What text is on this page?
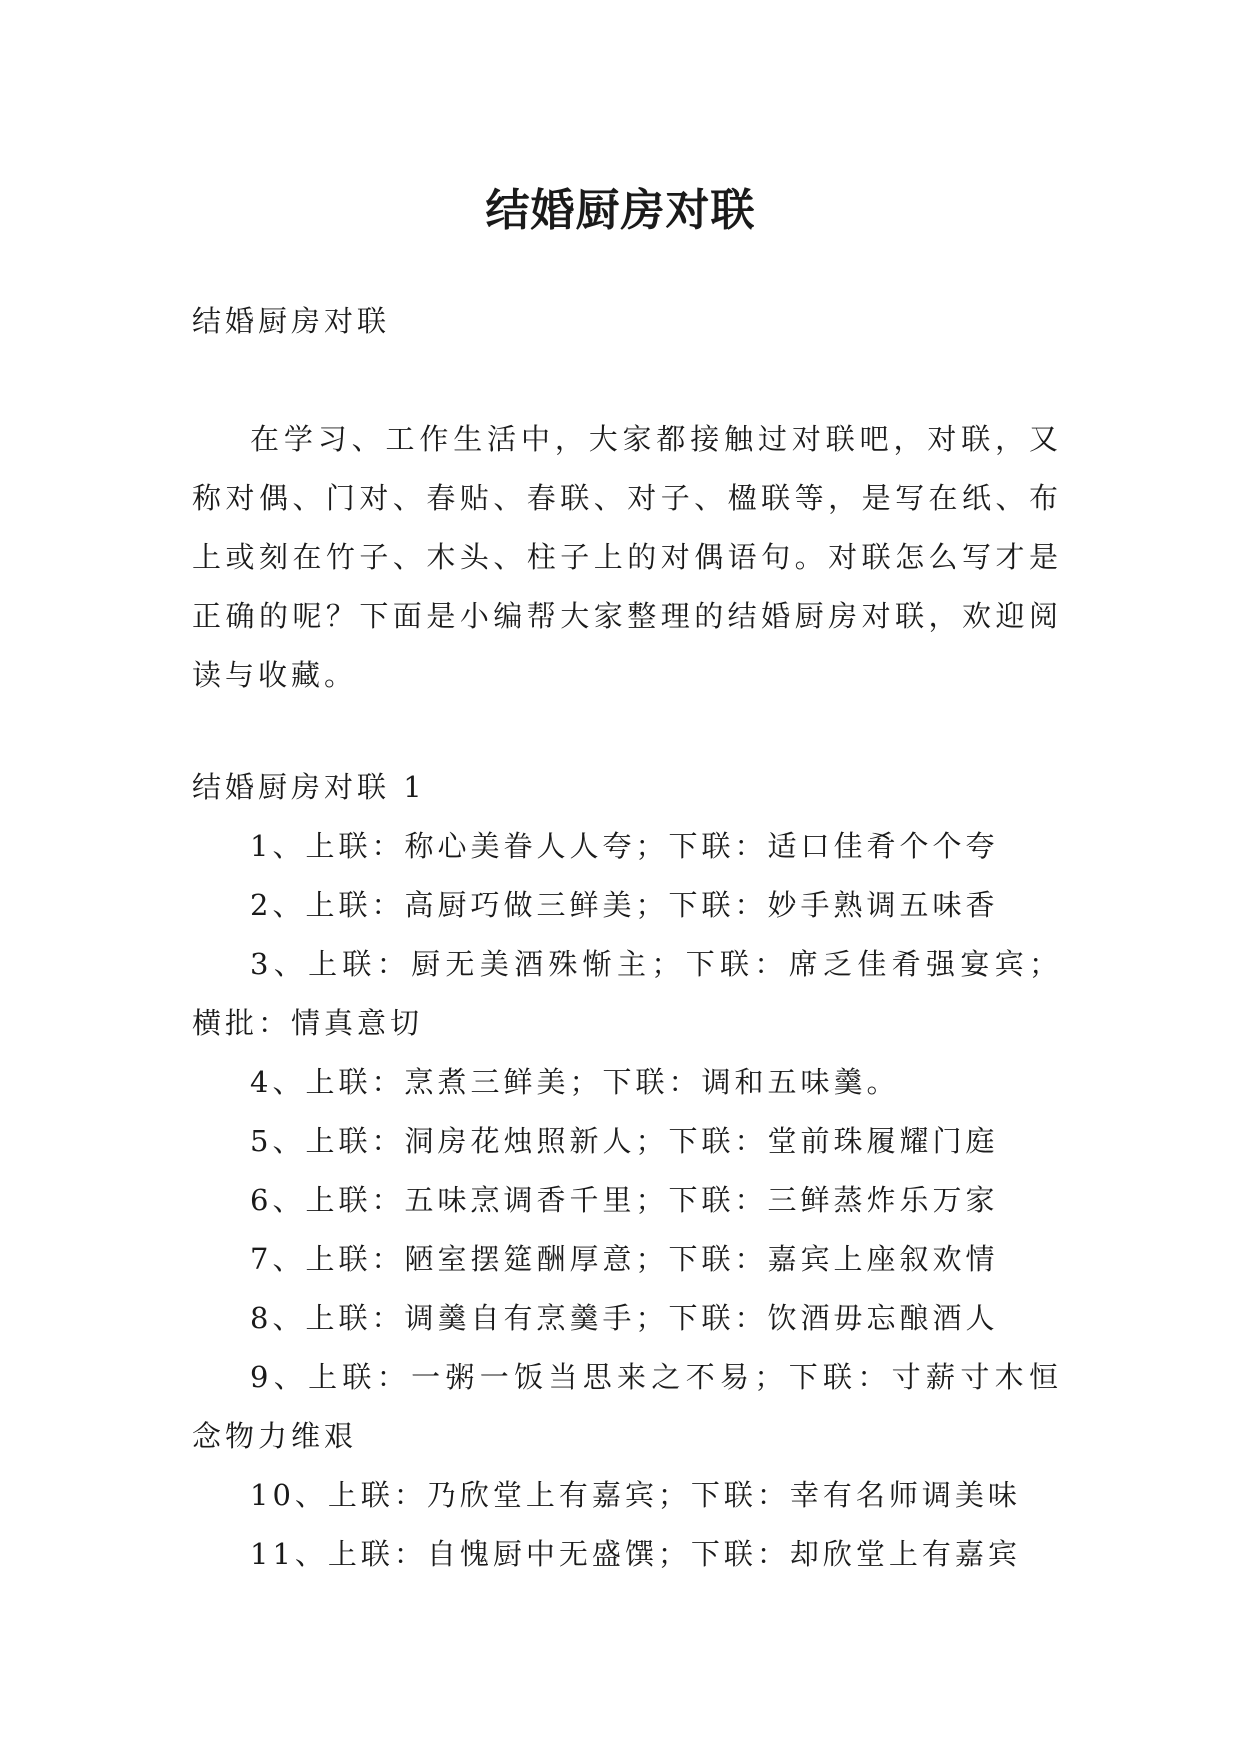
结婚厨房对联

结婚厨房对联

在学习、工作生活中，大家都接触过对联吧，对联，又称对偶、门对、春贴、春联、对子、楹联等，是写在纸、布上或刻在竹子、木头、柱子上的对偶语句。对联怎么写才是正确的呢？下面是小编帮大家整理的结婚厨房对联，欢迎阅读与收藏。

结婚厨房对联 1

1、上联：称心美眷人人夸；下联：适口佳肴个个夸
2、上联：高厨巧做三鲜美；下联：妙手熟调五味香
3、上联：厨无美酒殊惭主；下联：席乏佳肴强宴宾；横批：情真意切
4、上联：烹煮三鲜美；下联：调和五味羹。
5、上联：洞房花烛照新人；下联：堂前珠履耀门庭
6、上联：五味烹调香千里；下联：三鲜蒸炸乐万家
7、上联：陋室摆筵酬厚意；下联：嘉宾上座叙欢情
8、上联：调羹自有烹羹手；下联：饮酒毋忘酿酒人
9、上联：一粥一饭当思来之不易；下联：寸薪寸木恒念物力维艰
10、上联：乃欣堂上有嘉宾；下联：幸有名师调美味
11、上联：自愧厨中无盛馔；下联：却欣堂上有嘉宾
